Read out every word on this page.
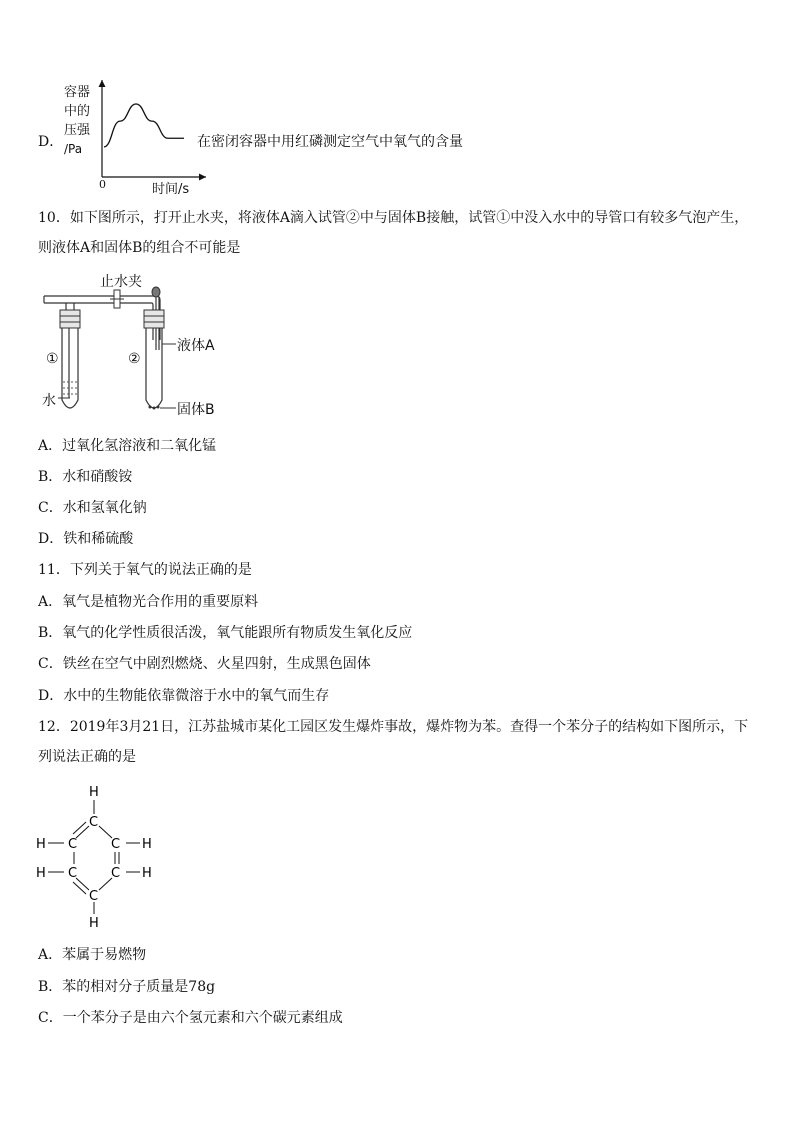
D．
容器
中的
压强
/Pa
0	时间/s
在密闭容器中用红磷测定空气中氧气的含量
10．如下图所示，打开止水夹，将液体A滴入试管②中与固体B接触，试管①中没入水中的导管口有较多气泡产生，则液体A和固体B的组合不可能是
止水夹
①	②
液体A
水
固体B
A．过氧化氢溶液和二氧化锰
B．水和硝酸铵
C．水和氢氧化钠
D．铁和稀硫酸
11．下列关于氧气的说法正确的是
A．氧气是植物光合作用的重要原料
B．氧气的化学性质很活泼，氧气能跟所有物质发生氧化反应
C．铁丝在空气中剧烈燃烧、火星四射，生成黑色固体
D．水中的生物能依靠微溶于水中的氧气而生存
12．2019年3月21日，江苏盐城市某化工园区发生爆炸事故，爆炸物为苯。查得一个苯分子的结构如下图所示，下列说法正确的是
H
C
H C	C H
H C	C H
C
H
A．苯属于易燃物
B．苯的相对分子质量是78g
C．一个苯分子是由六个氢元素和六个碳元素组成
